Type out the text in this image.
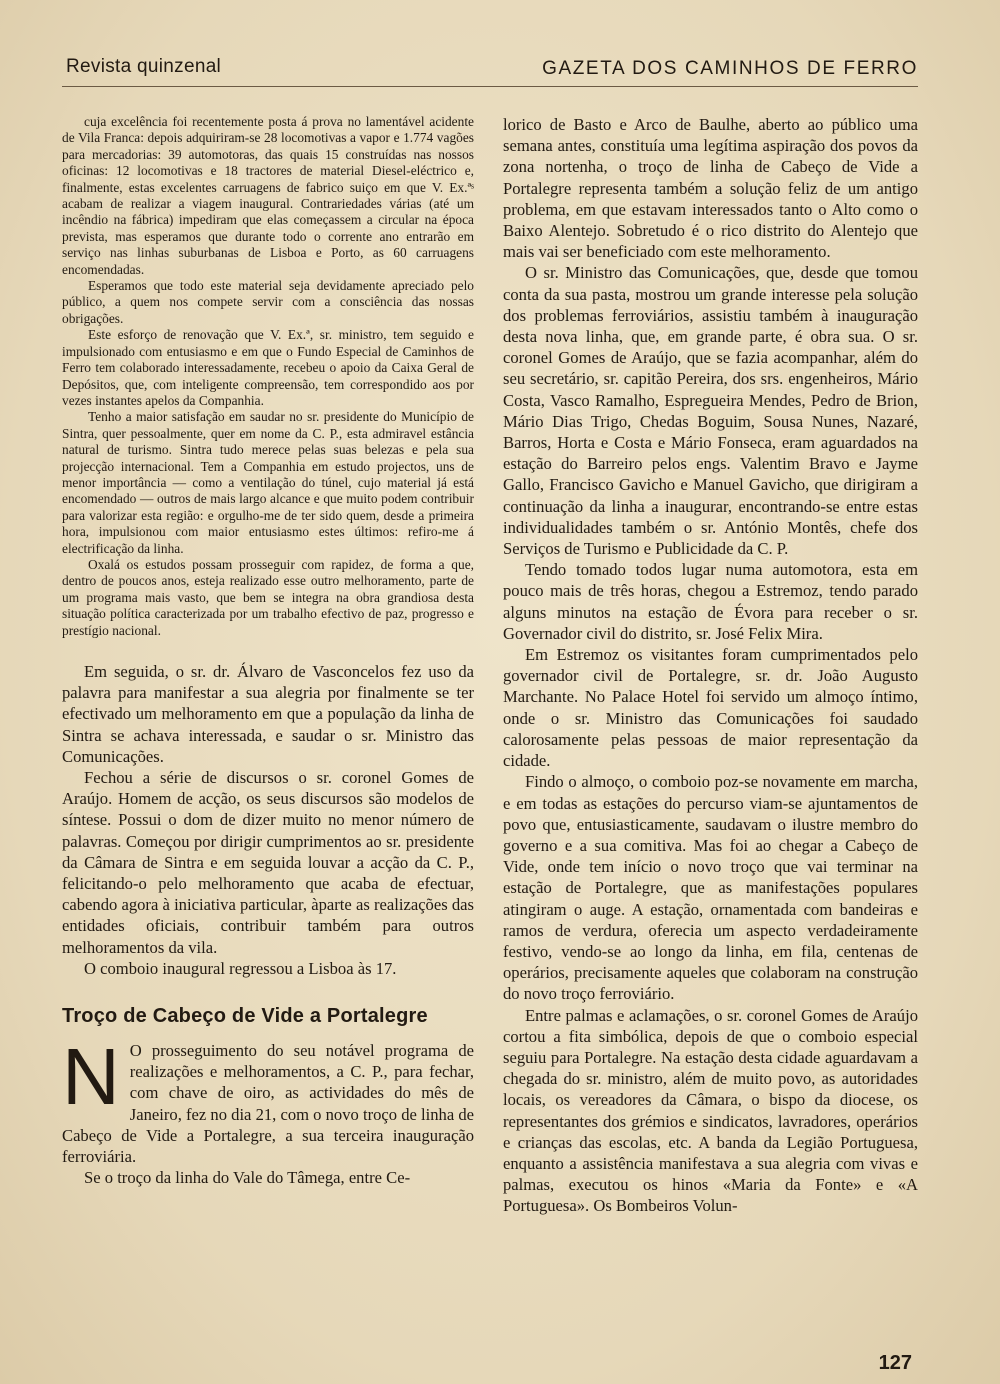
Revista quinzenal	GAZETA DOS CAMINHOS DE FERRO

cuja excelência foi recentemente posta á prova no lamentável acidente de Vila Franca: depois adquiriram-se 28 locomotivas a vapor e 1.774 vagões para mercadorias: 39 automotoras, das quais 15 construídas nas nossos oficinas: 12 locomotivas e 18 tractores de material Diesel-eléctrico e, finalmente, estas excelentes carruagens de fabrico suiço em que V. Ex.ªˢ acabam de realizar a viagem inaugural. Contrariedades várias (até um incêndio na fábrica) impediram que elas começassem a circular na época prevista, mas esperamos que durante todo o corrente ano entrarão em serviço nas linhas suburbanas de Lisboa e Porto, as 60 carruagens encomendadas.

Esperamos que todo este material seja devidamente apreciado pelo público, a quem nos compete servir com a consciência das nossas obrigações.

Este esforço de renovação que V. Ex.ª, sr. ministro, tem seguido e impulsionado com entusiasmo e em que o Fundo Especial de Caminhos de Ferro tem colaborado interessadamente, recebeu o apoio da Caixa Geral de Depósitos, que, com inteligente compreensão, tem correspondido aos por vezes instantes apelos da Companhia.

Tenho a maior satisfação em saudar no sr. presidente do Município de Sintra, quer pessoalmente, quer em nome da C. P., esta admiravel estância natural de turismo. Sintra tudo merece pelas suas belezas e pela sua projecção internacional. Tem a Companhia em estudo projectos, uns de menor importância — como a ventilação do túnel, cujo material já está encomendado — outros de mais largo alcance e que muito podem contribuir para valorizar esta região: e orgulho-me de ter sido quem, desde a primeira hora, impulsionou com maior entusiasmo estes últimos: refiro-me á electrificação da linha.

Oxalá os estudos possam prosseguir com rapidez, de forma a que, dentro de poucos anos, esteja realizado esse outro melhoramento, parte de um programa mais vasto, que bem se integra na obra grandiosa desta situação política caracterizada por um trabalho efectivo de paz, progresso e prestígio nacional.

Em seguida, o sr. dr. Álvaro de Vasconcelos fez uso da palavra para manifestar a sua alegria por finalmente se ter efectivado um melhoramento em que a população da linha de Sintra se achava interessada, e saudar o sr. Ministro das Comunicações.

Fechou a série de discursos o sr. coronel Gomes de Araújo. Homem de acção, os seus discursos são modelos de síntese. Possui o dom de dizer muito no menor número de palavras. Começou por dirigir cumprimentos ao sr. presidente da Câmara de Sintra e em seguida louvar a acção da C. P., felicitando-o pelo melhoramento que acaba de efectuar, cabendo agora à iniciativa particular, àparte as realizações das entidades oficiais, contribuir também para outros melhoramentos da vila.

O comboio inaugural regressou a Lisboa às 17.

Troço de Cabeço de Vide a Portalegre
N O prosseguimento do seu notável programa de realizações e melhoramentos, a C. P., para fechar, com chave de oiro, as actividades do mês de Janeiro, fez no dia 21, com o novo troço de linha de Cabeço de Vide a Portalegre, a sua terceira inauguração ferroviária.

Se o troço da linha do Vale do Tâmega, entre Ce-

lorico de Basto e Arco de Baulhe, aberto ao público uma semana antes, constituía uma legítima aspiração dos povos da zona nortenha, o troço de linha de Cabeço de Vide a Portalegre representa também a solução feliz de um antigo problema, em que estavam interessados tanto o Alto como o Baixo Alentejo. Sobretudo é o rico distrito do Alentejo que mais vai ser beneficiado com este melhoramento.

O sr. Ministro das Comunicações, que, desde que tomou conta da sua pasta, mostrou um grande interesse pela solução dos problemas ferroviários, assistiu também à inauguração desta nova linha, que, em grande parte, é obra sua. O sr. coronel Gomes de Araújo, que se fazia acompanhar, além do seu secretário, sr. capitão Pereira, dos srs. engenheiros, Mário Costa, Vasco Ramalho, Espregueira Mendes, Pedro de Brion, Mário Dias Trigo, Chedas Boguim, Sousa Nunes, Nazaré, Barros, Horta e Costa e Mário Fonseca, eram aguardados na estação do Barreiro pelos engs. Valentim Bravo e Jayme Gallo, Francisco Gavicho e Manuel Gavicho, que dirigiram a continuação da linha a inaugurar, encontrando-se entre estas individualidades também o sr. António Montês, chefe dos Serviços de Turismo e Publicidade da C. P.

Tendo tomado todos lugar numa automotora, esta em pouco mais de três horas, chegou a Estremoz, tendo parado alguns minutos na estação de Évora para receber o sr. Governador civil do distrito, sr. José Felix Mira.

Em Estremoz os visitantes foram cumprimentados pelo governador civil de Portalegre, sr. dr. João Augusto Marchante. No Palace Hotel foi servido um almoço íntimo, onde o sr. Ministro das Comunicações foi saudado calorosamente pelas pessoas de maior representação da cidade.

Findo o almoço, o comboio poz-se novamente em marcha, e em todas as estações do percurso viam-se ajuntamentos de povo que, entusiasticamente, saudavam o ilustre membro do governo e a sua comitiva. Mas foi ao chegar a Cabeço de Vide, onde tem início o novo troço que vai terminar na estação de Portalegre, que as manifestações populares atingiram o auge. A estação, ornamentada com bandeiras e ramos de verdura, oferecia um aspecto verdadeiramente festivo, vendo-se ao longo da linha, em fila, centenas de operários, precisamente aqueles que colaboram na construção do novo troço ferroviário.

Entre palmas e aclamações, o sr. coronel Gomes de Araújo cortou a fita simbólica, depois de que o comboio especial seguiu para Portalegre. Na estação desta cidade aguardavam a chegada do sr. ministro, além de muito povo, as autoridades locais, os vereadores da Câmara, o bispo da diocese, os representantes dos grémios e sindicatos, lavradores, operários e crianças das escolas, etc. A banda da Legião Portuguesa, enquanto a assistência manifestava a sua alegria com vivas e palmas, executou os hinos «Maria da Fonte» e «A Portuguesa». Os Bombeiros Volun-

127
